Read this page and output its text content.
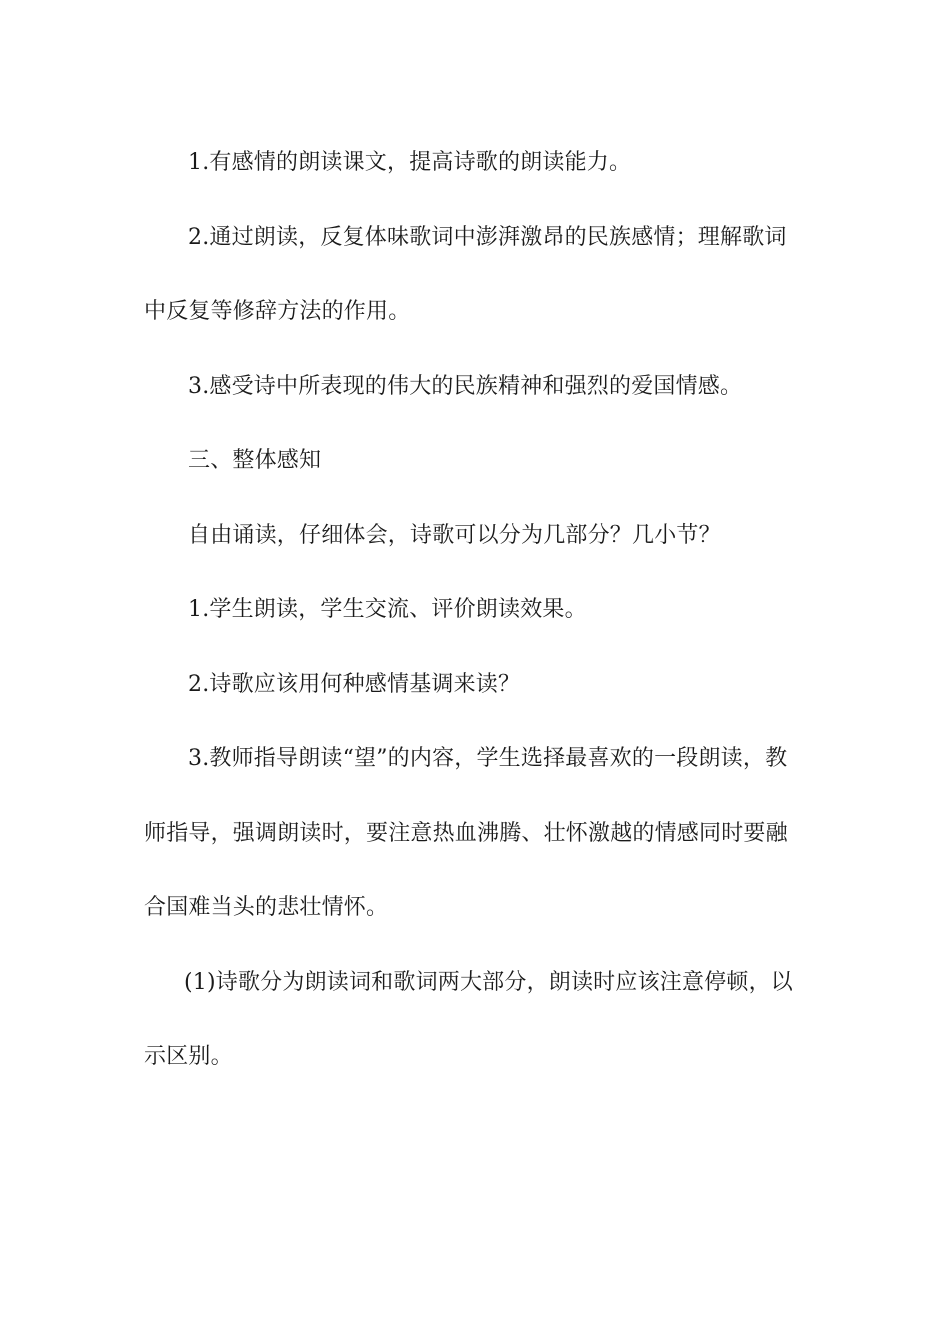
1.有感情的朗读课文，提高诗歌的朗读能力。

2.通过朗读，反复体味歌词中澎湃激昂的民族感情；理解歌词中反复等修辞方法的作用。

3.感受诗中所表现的伟大的民族精神和强烈的爱国情感。

三、整体感知

自由诵读，仔细体会，诗歌可以分为几部分？几小节？

1.学生朗读，学生交流、评价朗读效果。

2.诗歌应该用何种感情基调来读？

3.教师指导朗读“望”的内容，学生选择最喜欢的一段朗读，教师指导，强调朗读时，要注意热血沸腾、壮怀激越的情感同时要融合国难当头的悲壮情怀。

(1)诗歌分为朗读词和歌词两大部分，朗读时应该注意停顿，以示区别。
